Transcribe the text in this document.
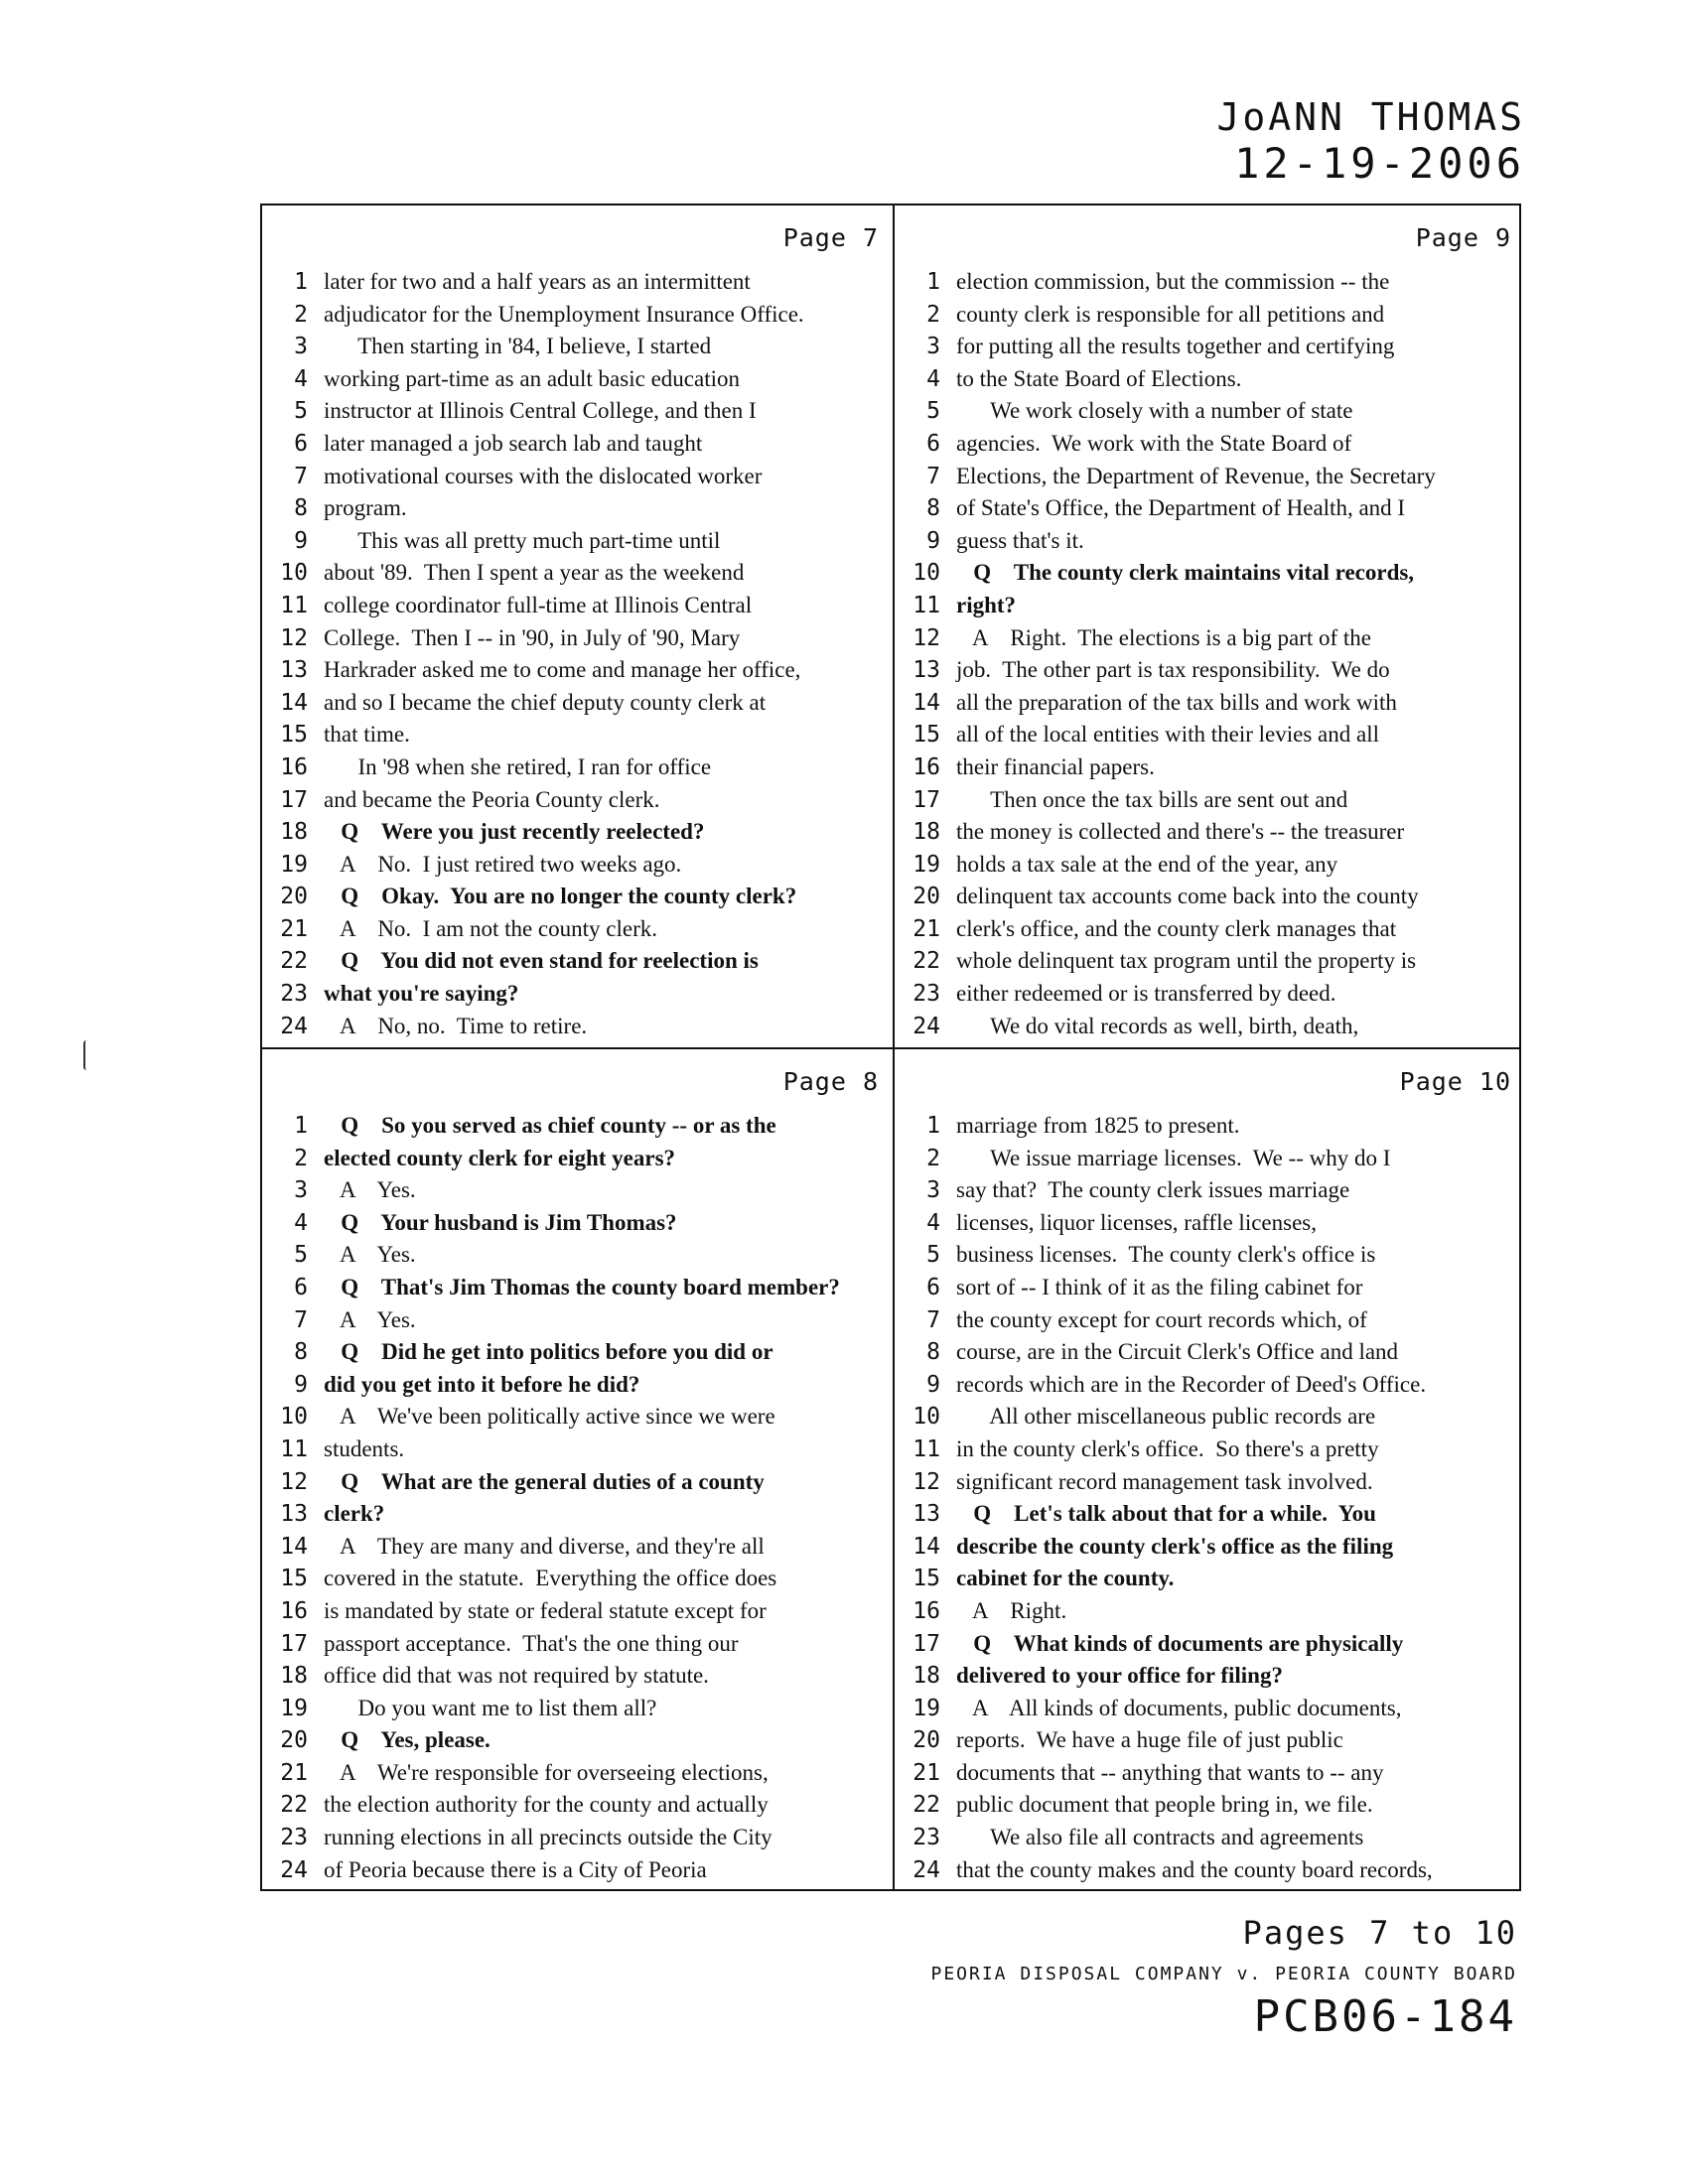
JoANN THOMAS
12-19-2006
Page 7
1 later for two and a half years as an intermittent
2 adjudicator for the Unemployment Insurance Office.
3 Then starting in '84, I believe, I started
4 working part-time as an adult basic education
5 instructor at Illinois Central College, and then I
6 later managed a job search lab and taught
7 motivational courses with the dislocated worker
8 program.
9 This was all pretty much part-time until
10 about '89.  Then I spent a year as the weekend
11 college coordinator full-time at Illinois Central
12 College.  Then I -- in '90, in July of '90, Mary
13 Harkrader asked me to come and manage her office,
14 and so I became the chief deputy county clerk at
15 that time.
16 In '98 when she retired, I ran for office
17 and became the Peoria County clerk.
18 Q    Were you just recently reelected?
19 A    No.  I just retired two weeks ago.
20 Q    Okay.  You are no longer the county clerk?
21 A    No.  I am not the county clerk.
22 Q    You did not even stand for reelection is
23 what you're saying?
24 A    No, no.  Time to retire.
Page 9
1 election commission, but the commission -- the
2 county clerk is responsible for all petitions and
3 for putting all the results together and certifying
4 to the State Board of Elections.
5 We work closely with a number of state
6 agencies.  We work with the State Board of
7 Elections, the Department of Revenue, the Secretary
8 of State's Office, the Department of Health, and I
9 guess that's it.
10 Q    The county clerk maintains vital records,
11 right?
12 A    Right.  The elections is a big part of the
13 job.  The other part is tax responsibility.  We do
14 all the preparation of the tax bills and work with
15 all of the local entities with their levies and all
16 their financial papers.
17 Then once the tax bills are sent out and
18 the money is collected and there's -- the treasurer
19 holds a tax sale at the end of the year, any
20 delinquent tax accounts come back into the county
21 clerk's office, and the county clerk manages that
22 whole delinquent tax program until the property is
23 either redeemed or is transferred by deed.
24 We do vital records as well, birth, death,
Page 8
1 Q    So you served as chief county -- or as the
2 elected county clerk for eight years?
3 A    Yes.
4 Q    Your husband is Jim Thomas?
5 A    Yes.
6 Q    That's Jim Thomas the county board member?
7 A    Yes.
8 Q    Did he get into politics before you did or
9 did you get into it before he did?
10 A    We've been politically active since we were
11 students.
12 Q    What are the general duties of a county
13 clerk?
14 A    They are many and diverse, and they're all
15 covered in the statute.  Everything the office does
16 is mandated by state or federal statute except for
17 passport acceptance.  That's the one thing our
18 office did that was not required by statute.
19 Do you want me to list them all?
20 Q    Yes, please.
21 A    We're responsible for overseeing elections,
22 the election authority for the county and actually
23 running elections in all precincts outside the City
24 of Peoria because there is a City of Peoria
Page 10
1 marriage from 1825 to present.
2 We issue marriage licenses.  We -- why do I
3 say that?  The county clerk issues marriage
4 licenses, liquor licenses, raffle licenses,
5 business licenses.  The county clerk's office is
6 sort of -- I think of it as the filing cabinet for
7 the county except for court records which, of
8 course, are in the Circuit Clerk's Office and land
9 records which are in the Recorder of Deed's Office.
10 All other miscellaneous public records are
11 in the county clerk's office.  So there's a pretty
12 significant record management task involved.
13 Q    Let's talk about that for a while.  You
14 describe the county clerk's office as the filing
15 cabinet for the county.
16 A    Right.
17 Q    What kinds of documents are physically
18 delivered to your office for filing?
19 A    All kinds of documents, public documents,
20 reports.  We have a huge file of just public
21 documents that -- anything that wants to -- any
22 public document that people bring in, we file.
23 We also file all contracts and agreements
24 that the county makes and the county board records,
Pages 7 to 10
PEORIA DISPOSAL COMPANY v. PEORIA COUNTY BOARD
PCB06-184
